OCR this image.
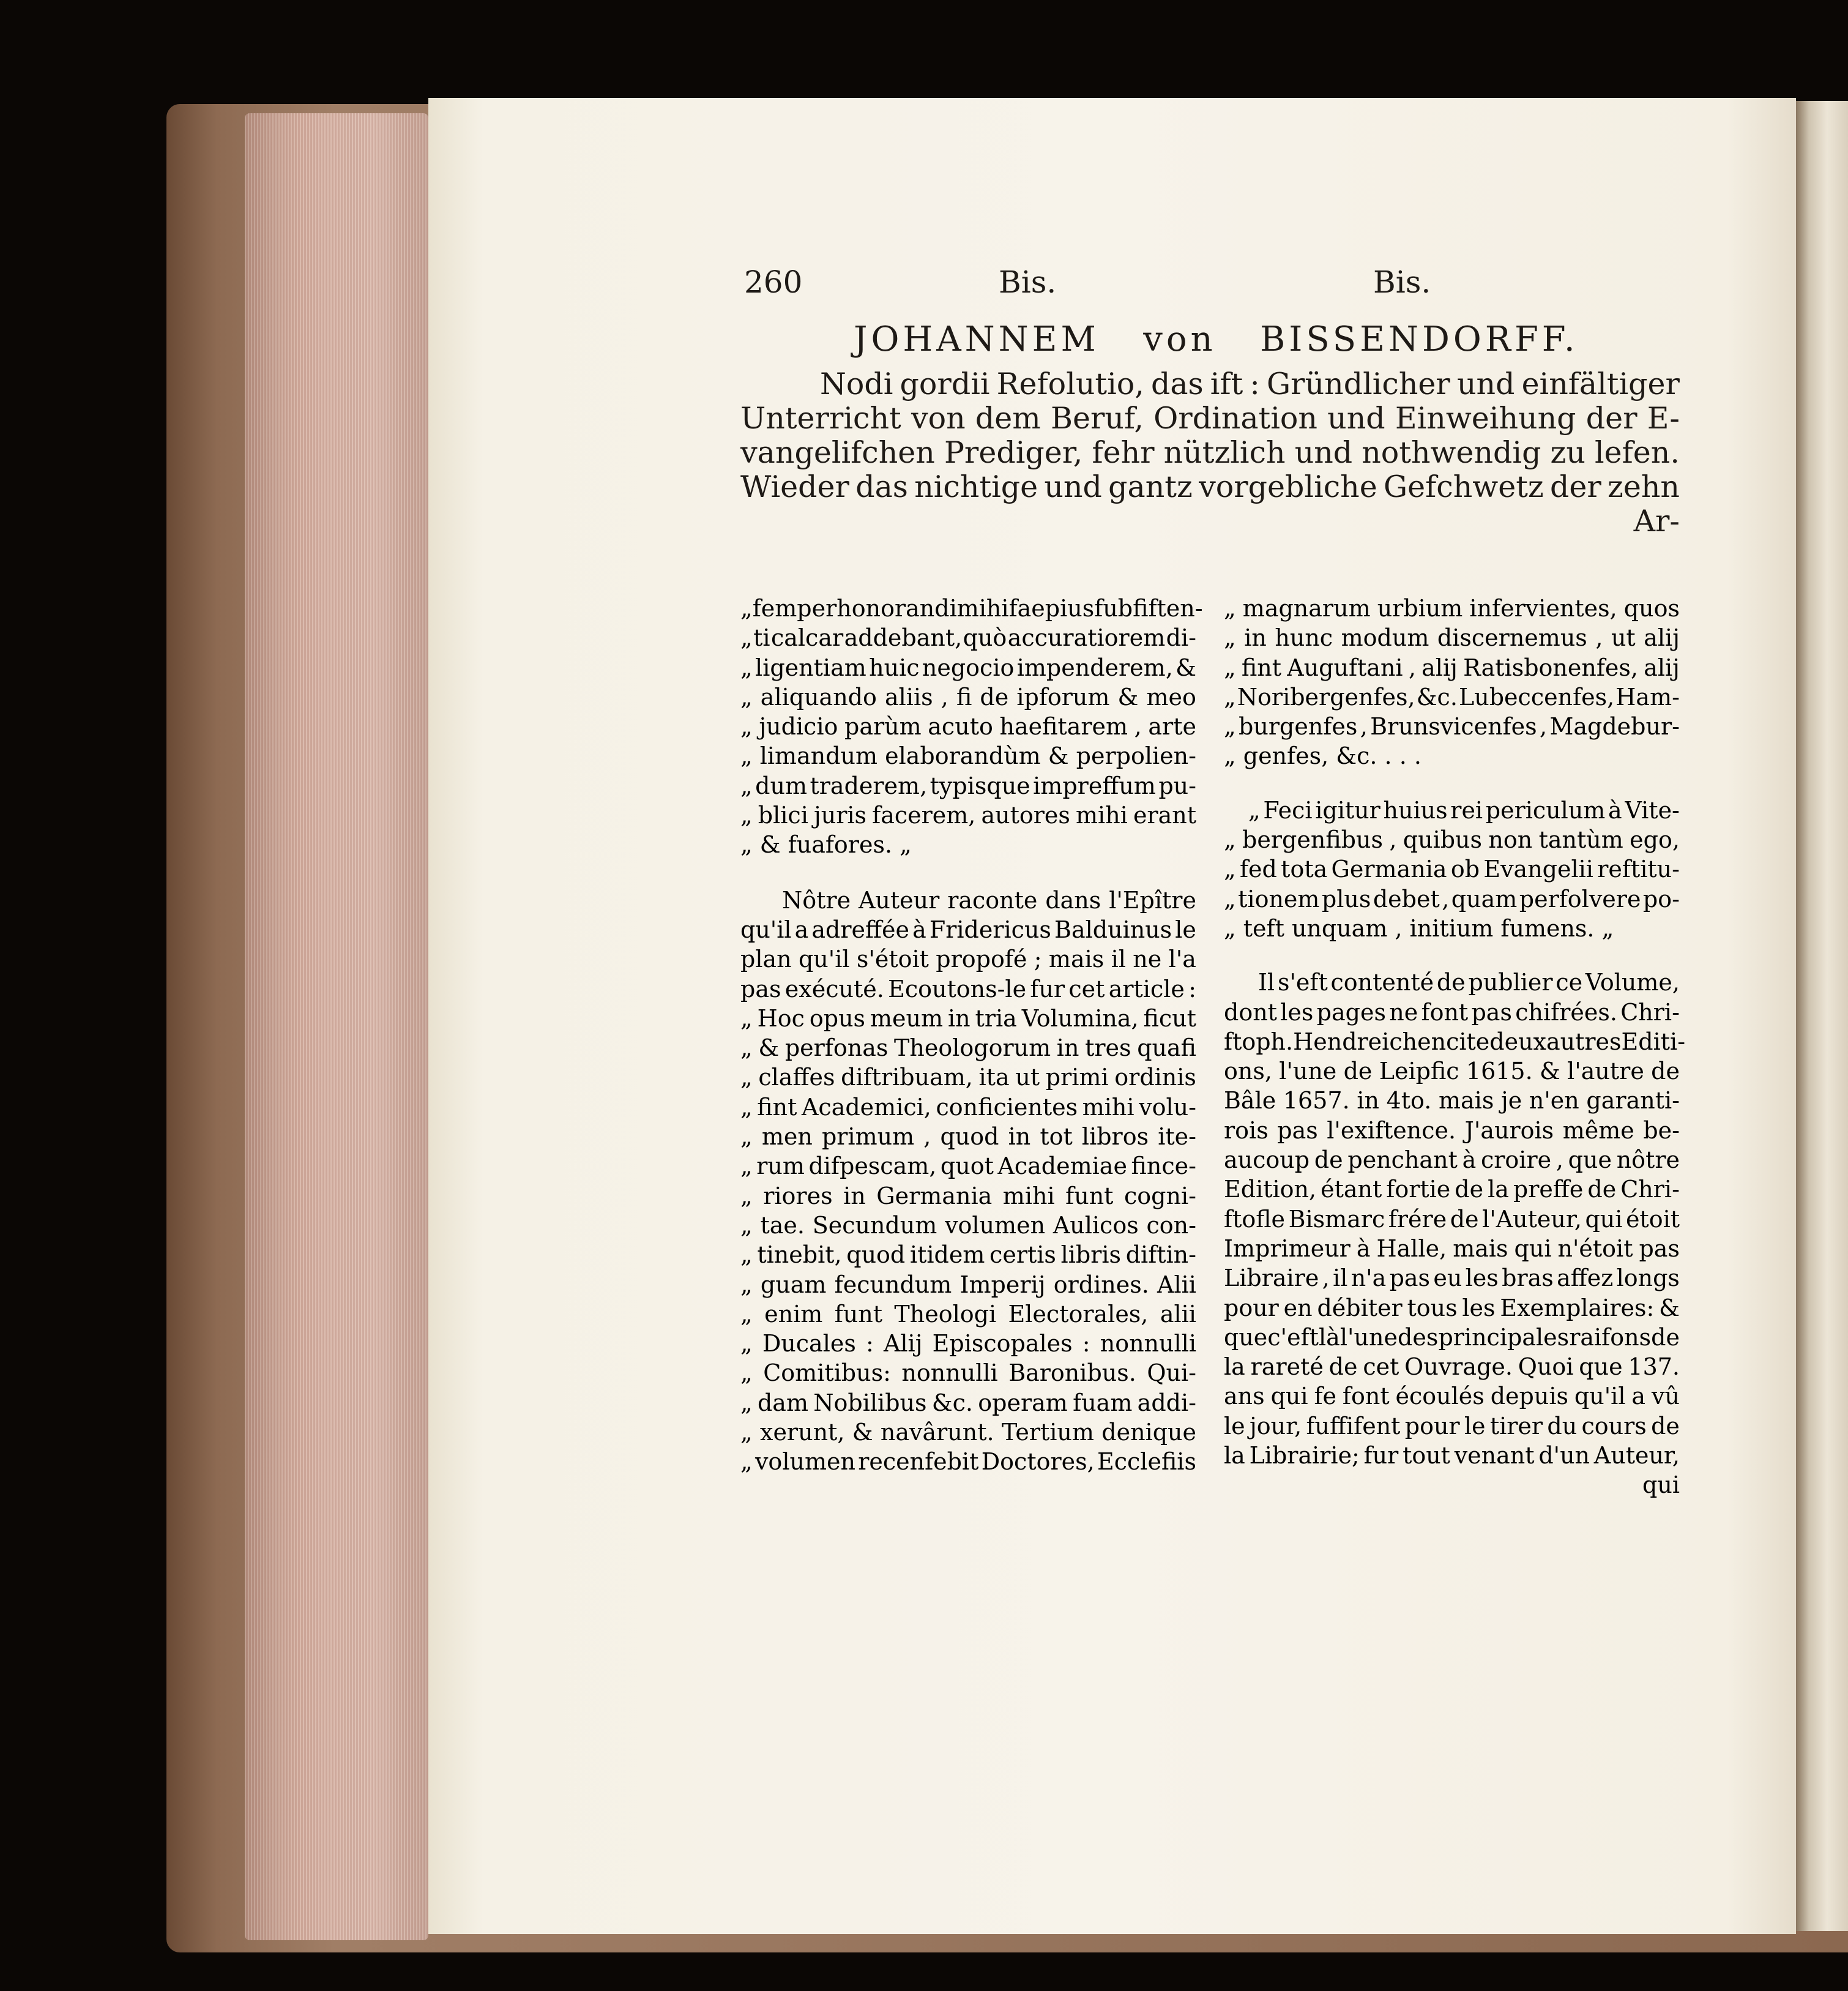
260	Bis.	Bis.
JOHANNEM   von   BISSENDORFF.
Nodi gordii Refolutio, das ift : Gründlicher und einfältiger
Unterricht von dem Beruf, Ordination und Einweihung der E-
vangelifchen Prediger, fehr nützlich und nothwendig zu lefen.
Wieder das nichtige und gantz vorgebliche Gefchwetz der zehn
Ar-

„ femper honorandi mihi faepius fubfiften-

„ ti calcar addebant, quò accuratiorem di-

„ ligentiam huic negocio impenderem, &

„ aliquando aliis , fi de ipforum & meo

„ judicio parùm acuto haefitarem , arte

„ limandum elaborandùm & perpolien-

„ dum traderem, typisque impreffum pu-

„ blici juris facerem, autores mihi erant

„ & fuafores. „

Nôtre Auteur raconte dans l'Epître

qu'il a adreffée à Fridericus Balduinus le

plan qu'il s'étoit propofé ; mais il ne l'a

pas exécuté. Ecoutons-le fur cet article :

„ Hoc opus meum in tria Volumina, ficut

„ & perfonas Theologorum in tres quafi

„ claffes diftribuam, ita ut primi ordinis

„ fint Academici, conficientes mihi volu-

„ men primum , quod in tot libros ite-

„ rum difpescam, quot Academiae fince-

„ riores in Germania mihi funt cogni-

„ tae. Secundum volumen Aulicos con-

„ tinebit, quod itidem certis libris diftin-

„ guam fecundum Imperij ordines. Alii

„ enim funt Theologi Electorales, alii

„ Ducales : Alij Episcopales : nonnulli

„ Comitibus: nonnulli Baronibus. Qui-

„ dam Nobilibus &c. operam fuam addi-

„ xerunt, & navârunt. Tertium denique

„ volumen recenfebit Doctores, Ecclefiis

„ magnarum urbium infervientes, quos

„ in hunc modum discernemus , ut alij

„ fint Auguftani , alij Ratisbonenfes, alij

„ Noribergenfes, &c. Lubeccenfes, Ham-

„ burgenfes , Brunsvicenfes , Magdebur-

„ genfes, &c. . . .

„ Feci igitur huius rei periculum à Vite-

„ bergenfibus , quibus non tantùm ego,

„ fed tota Germania ob Evangelii reftitu-

„ tionem plus debet , quam perfolvere po-

„ teft unquam , initium fumens. „

Il s'eft contenté de publier ce Volume,

dont les pages ne font pas chifrées. Chri-

ftoph. Hendreich en cite deux autres Editi-

ons, l'une de Leipfic 1615. & l'autre de

Bâle 1657. in 4to. mais je n'en garanti-

rois pas l'exiftence. J'aurois même be-

aucoup de penchant à croire , que nôtre

Edition, étant fortie de la preffe de Chri-

ftofle Bismarc frére de l'Auteur, qui étoit

Imprimeur à Halle, mais qui n'étoit pas

Libraire , il n'a pas eu les bras affez longs

pour en débiter tous les Exemplaires: &

que c'eft là l'une des principales raifons de

la rareté de cet Ouvrage. Quoi que 137.

ans qui fe font écoulés depuis qu'il a vû

le jour, fuffifent pour le tirer du cours de

la Librairie; fur tout venant d'un Auteur,

qui
